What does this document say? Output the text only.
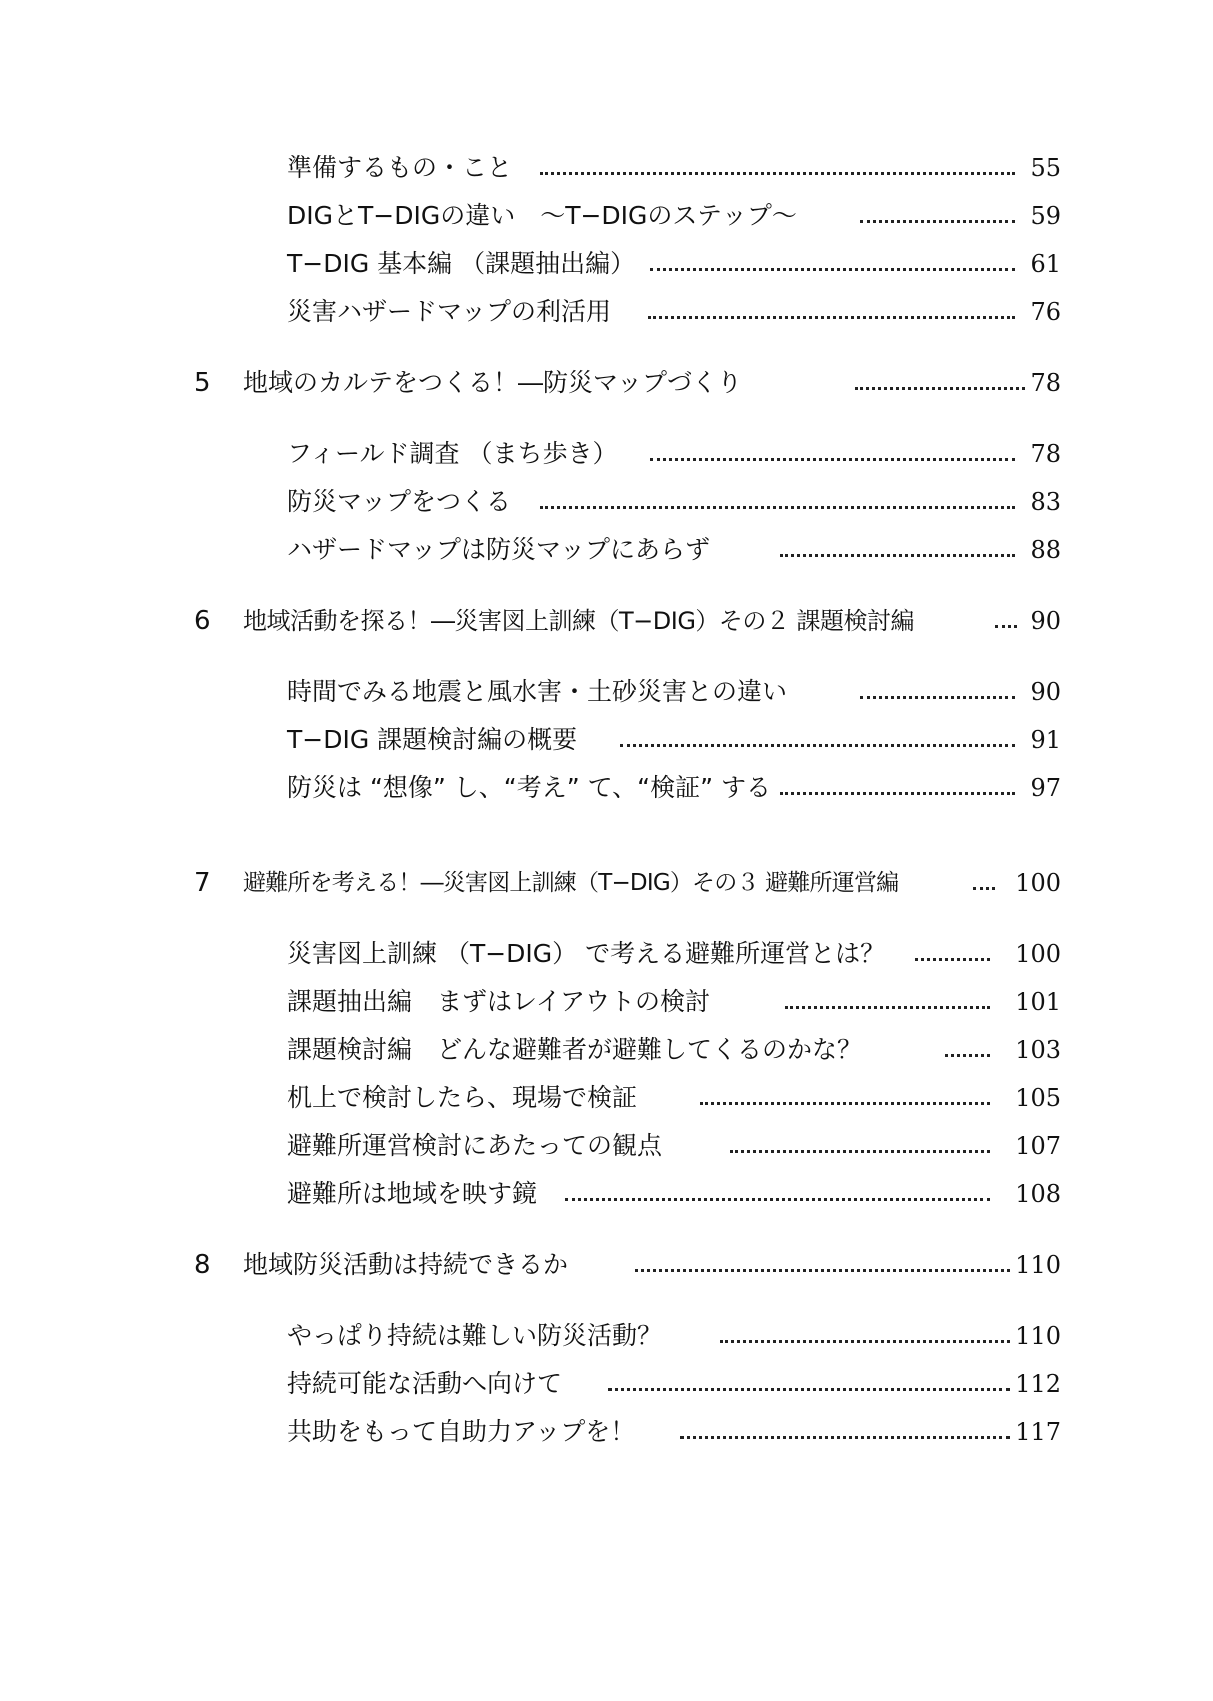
準備するもの・こと	55
DIGとT−DIGの違い　〜T−DIGのステップ〜	59
T−DIG 基本編 （課題抽出編）	61
災害ハザードマップの利活用	76
5 地域のカルテをつくる！―防災マップづくり	78
フィールド調査 （まち歩き）	78
防災マップをつくる	83
ハザードマップは防災マップにあらず	88
6 地域活動を探る！―災害図上訓練（T−DIG）その２ 課題検討編	90
時間でみる地震と風水害・土砂災害との違い	90
T−DIG 課題検討編の概要	91
防災は “想像” し、“考え” て、“検証” する	97
7 避難所を考える！―災害図上訓練（T−DIG）その３ 避難所運営編	100
災害図上訓練 （T−DIG） で考える避難所運営とは？	100
課題抽出編　まずはレイアウトの検討	101
課題検討編　どんな避難者が避難してくるのかな？	103
机上で検討したら、現場で検証	105
避難所運営検討にあたっての観点	107
避難所は地域を映す鏡	108
8 地域防災活動は持続できるか	110
やっぱり持続は難しい防災活動？	110
持続可能な活動へ向けて	112
共助をもって自助力アップを！	117
